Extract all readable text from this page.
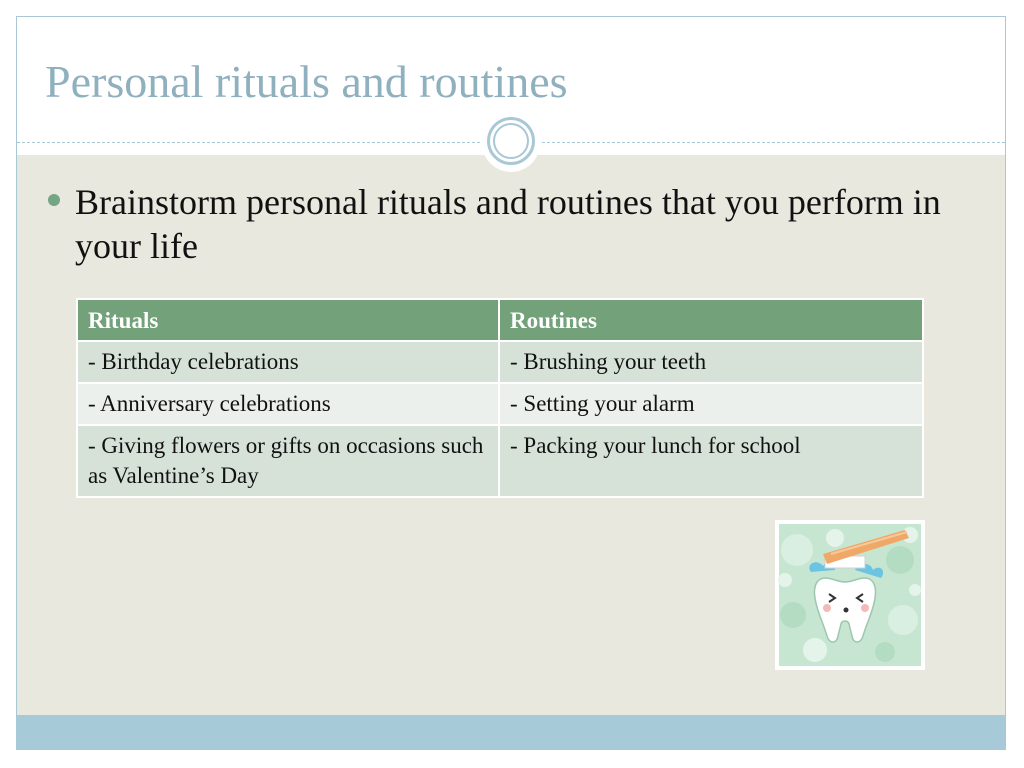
Personal rituals and routines

Brainstorm personal rituals and routines that you perform in your life

Rituals	Routines
- Birthday celebrations	- Brushing your teeth
- Anniversary celebrations	- Setting your alarm
- Giving flowers or gifts on occasions such as Valentine’s Day	- Packing your lunch for school
